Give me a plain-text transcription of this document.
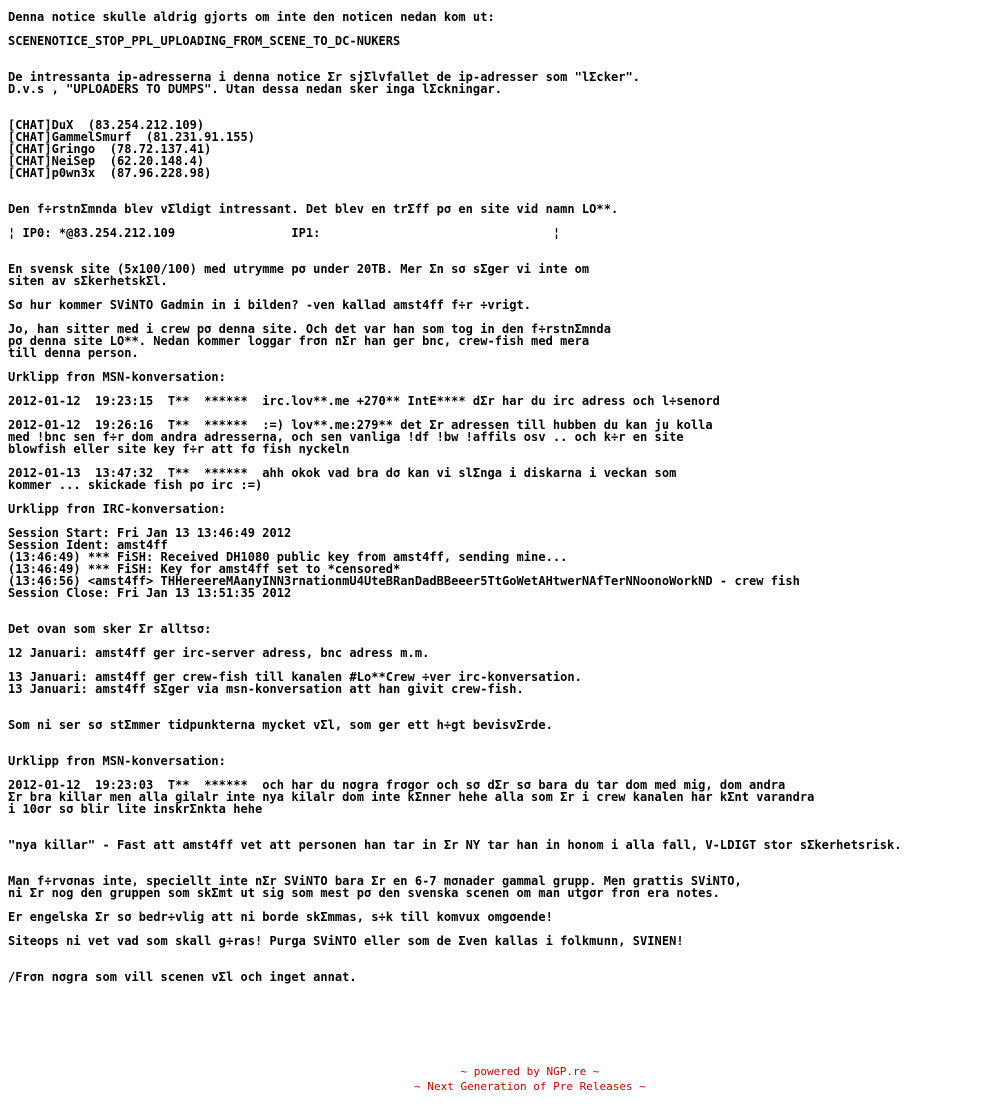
Denna notice skulle aldrig gjorts om inte den noticen nedan kom ut:

SCENENOTICE_STOP_PPL_UPLOADING_FROM_SCENE_TO_DC-NUKERS

De intressanta ip-adresserna i denna notice Σr sjΣlvfallet de ip-adresser som "lΣcker".
D.v.s , "UPLOADERS TO DUMPS". Utan dessa nedan sker inga lΣckningar.

[CHAT]DuX  (83.254.212.109)
[CHAT]GammelSmurf  (81.231.91.155)
[CHAT]Gringo  (78.72.137.41)
[CHAT]NeiSep  (62.20.148.4)
[CHAT]p0wn3x  (87.96.228.98)

Den f÷rstnΣmnda blev vΣldigt intressant. Det blev en trΣff pσ en site vid namn LO**.

¦ IP0: *@83.254.212.109                IP1:                                ¦

En svensk site (5x100/100) med utrymme pσ under 20TB. Mer Σn sσ sΣger vi inte om
siten av sΣkerhetskΣl.

Sσ hur kommer SViNTO Gadmin in i bilden? -ven kallad amst4ff f÷r ÷vrigt.

Jo, han sitter med i crew pσ denna site. Och det var han som tog in den f÷rstnΣmnda
pσ denna site LO**. Nedan kommer loggar frσn nΣr han ger bnc, crew-fish med mera
till denna person.

Urklipp frσn MSN-konversation:

2012-01-12  19:23:15  T**  ******  irc.lov**.me +270** IntE**** dΣr har du irc adress och l÷senord

2012-01-12  19:26:16  T**  ******  :=) lov**.me:279** det Σr adressen till hubben du kan ju kolla
med !bnc sen f÷r dom andra adresserna, och sen vanliga !df !bw !affils osv .. och k÷r en site
blowfish eller site key f÷r att fσ fish nyckeln

2012-01-13  13:47:32  T**  ******  ahh okok vad bra dσ kan vi slΣnga i diskarna i veckan som
kommer ... skickade fish pσ irc :=)

Urklipp frσn IRC-konversation:

Session Start: Fri Jan 13 13:46:49 2012
Session Ident: amst4ff
(13:46:49) *** FiSH: Received DH1080 public key from amst4ff, sending mine...
(13:46:49) *** FiSH: Key for amst4ff set to *censored*
(13:46:56) <amst4ff> THHereereMAanyINN3rnationmU4UteBRanDadBBeeer5TtGoWetAHtwerNAfTerNNoonoWorkND - crew fish
Session Close: Fri Jan 13 13:51:35 2012

Det ovan som sker Σr alltsσ:

12 Januari: amst4ff ger irc-server adress, bnc adress m.m.

13 Januari: amst4ff ger crew-fish till kanalen #Lo**Crew ÷ver irc-konversation.
13 Januari: amst4ff sΣger via msn-konversation att han givit crew-fish.

Som ni ser sσ stΣmmer tidpunkterna mycket vΣl, som ger ett h÷gt bevisvΣrde.

Urklipp frσn MSN-konversation:

2012-01-12  19:23:03  T**  ******  och har du nσgra frσgor och sσ dΣr sσ bara du tar dom med mig, dom andra
Σr bra killar men alla gilalr inte nya kilalr dom inte kΣnner hehe alla som Σr i crew kanalen har kΣnt varandra
i 10σr sσ blir lite inskrΣnkta hehe

"nya killar" - Fast att amst4ff vet att personen han tar in Σr NY tar han in honom i alla fall, V-LDIGT stor sΣkerhetsrisk.

Man f÷rvσnas inte, speciellt inte nΣr SViNTO bara Σr en 6-7 mσnader gammal grupp. Men grattis SViNTO,
ni Σr nog den gruppen som skΣmt ut sig som mest pσ den svenska scenen om man utgσr frσn era notes.

Er engelska Σr sσ bedr÷vlig att ni borde skΣmmas, s÷k till komvux omgσende!

Siteops ni vet vad som skall g÷ras! Purga SViNTO eller som de Σven kallas i folkmunn, SVINEN!

/Frσn nσgra som vill scenen vΣl och inget annat.
~ powered by NGP.re ~
~ Next Generation of Pre Releases ~
